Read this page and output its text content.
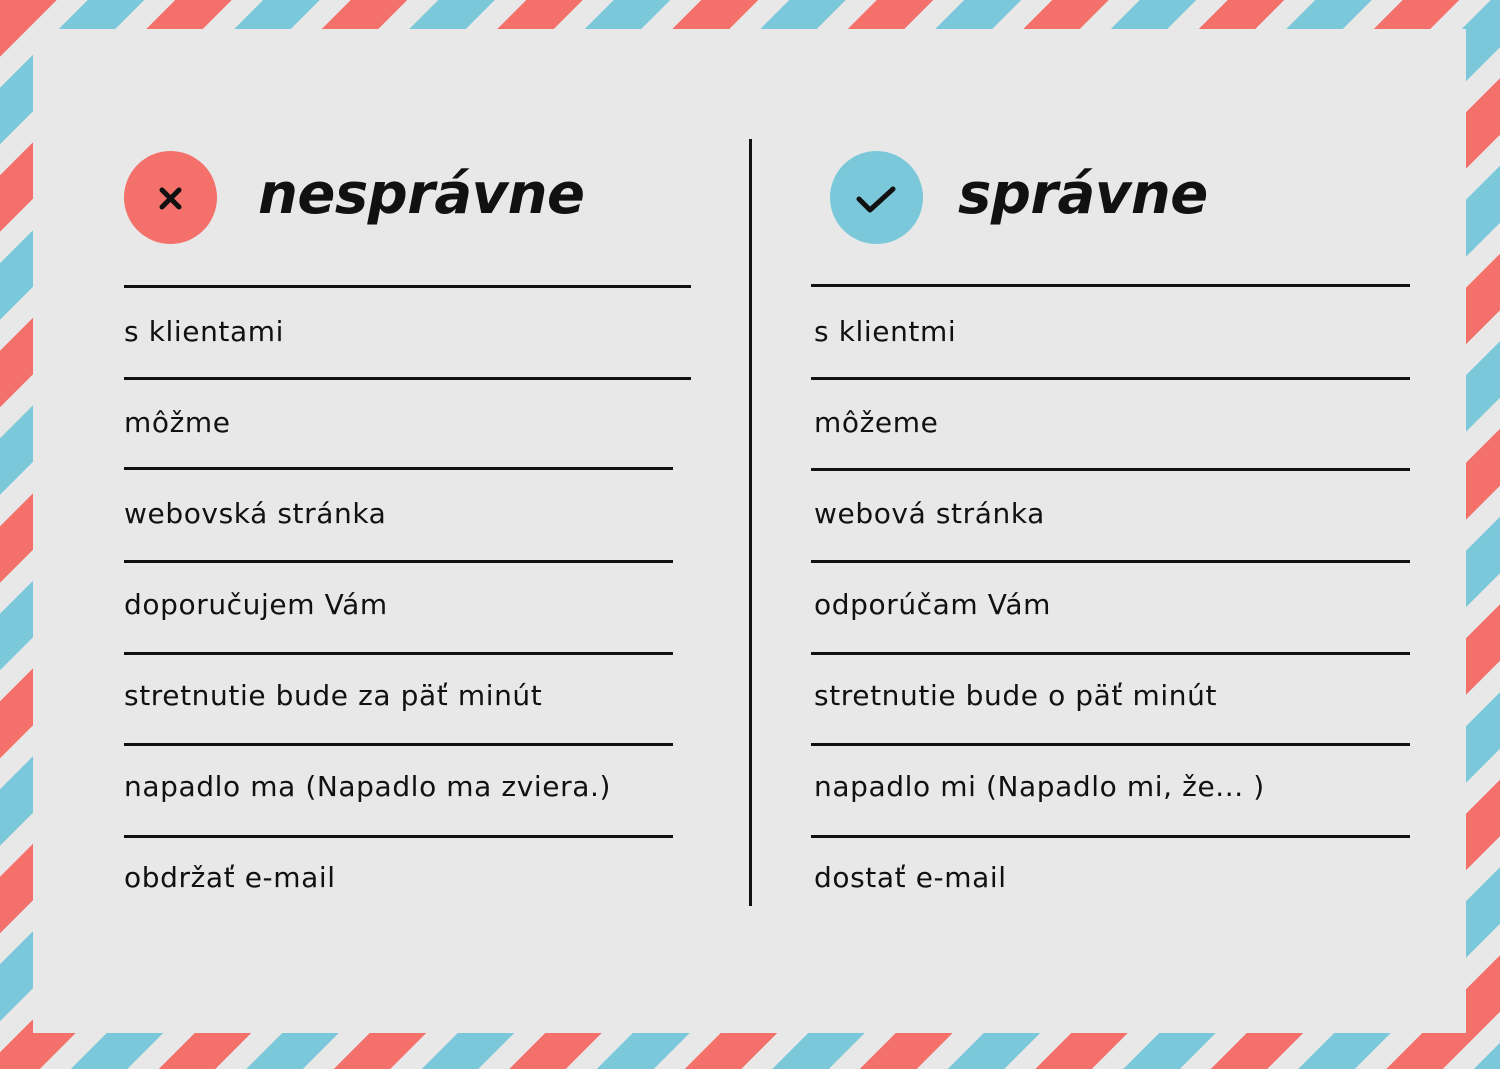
nesprávne	správne
s klientami
môžme
webovská stránka
doporučujem Vám
stretnutie bude za päť minút
napadlo ma (Napadlo ma zviera.)
obdržať e-mail
s klientmi
môžeme
webová stránka
odporúčam Vám
stretnutie bude o päť minút
napadlo mi (Napadlo mi, že... )
dostať e-mail
